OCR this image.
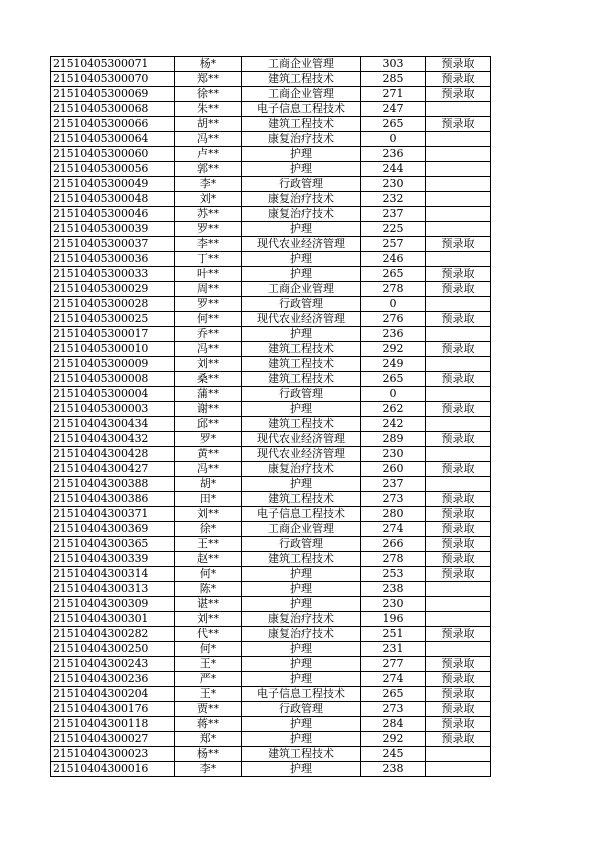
21510405300071	杨*	工商企业管理	303	预录取
21510405300070	郑**	建筑工程技术	285	预录取
21510405300069	徐**	工商企业管理	271	预录取
21510405300068	朱**	电子信息工程技术	247	
21510405300066	胡**	建筑工程技术	265	预录取
21510405300064	冯**	康复治疗技术	0	
21510405300060	卢**	护理	236	
21510405300056	郭**	护理	244	
21510405300049	李*	行政管理	230	
21510405300048	刘*	康复治疗技术	232	
21510405300046	苏**	康复治疗技术	237	
21510405300039	罗**	护理	225	
21510405300037	李**	现代农业经济管理	257	预录取
21510405300036	丁**	护理	246	
21510405300033	叶**	护理	265	预录取
21510405300029	周**	工商企业管理	278	预录取
21510405300028	罗**	行政管理	0	
21510405300025	何**	现代农业经济管理	276	预录取
21510405300017	乔**	护理	236	
21510405300010	冯**	建筑工程技术	292	预录取
21510405300009	刘**	建筑工程技术	249	
21510405300008	桑**	建筑工程技术	265	预录取
21510405300004	蒲**	行政管理	0	
21510405300003	谢**	护理	262	预录取
21510404300434	邱**	建筑工程技术	242	
21510404300432	罗*	现代农业经济管理	289	预录取
21510404300428	黄**	现代农业经济管理	230	
21510404300427	冯**	康复治疗技术	260	预录取
21510404300388	胡*	护理	237	
21510404300386	田*	建筑工程技术	273	预录取
21510404300371	刘**	电子信息工程技术	280	预录取
21510404300369	徐*	工商企业管理	274	预录取
21510404300365	王**	行政管理	266	预录取
21510404300339	赵**	建筑工程技术	278	预录取
21510404300314	何*	护理	253	预录取
21510404300313	陈*	护理	238	
21510404300309	谌**	护理	230	
21510404300301	刘**	康复治疗技术	196	
21510404300282	代**	康复治疗技术	251	预录取
21510404300250	何*	护理	231	
21510404300243	王*	护理	277	预录取
21510404300236	严*	护理	274	预录取
21510404300204	王*	电子信息工程技术	265	预录取
21510404300176	贾**	行政管理	273	预录取
21510404300118	蒋**	护理	284	预录取
21510404300027	郑*	护理	292	预录取
21510404300023	杨**	建筑工程技术	245	
21510404300016	李*	护理	238	
